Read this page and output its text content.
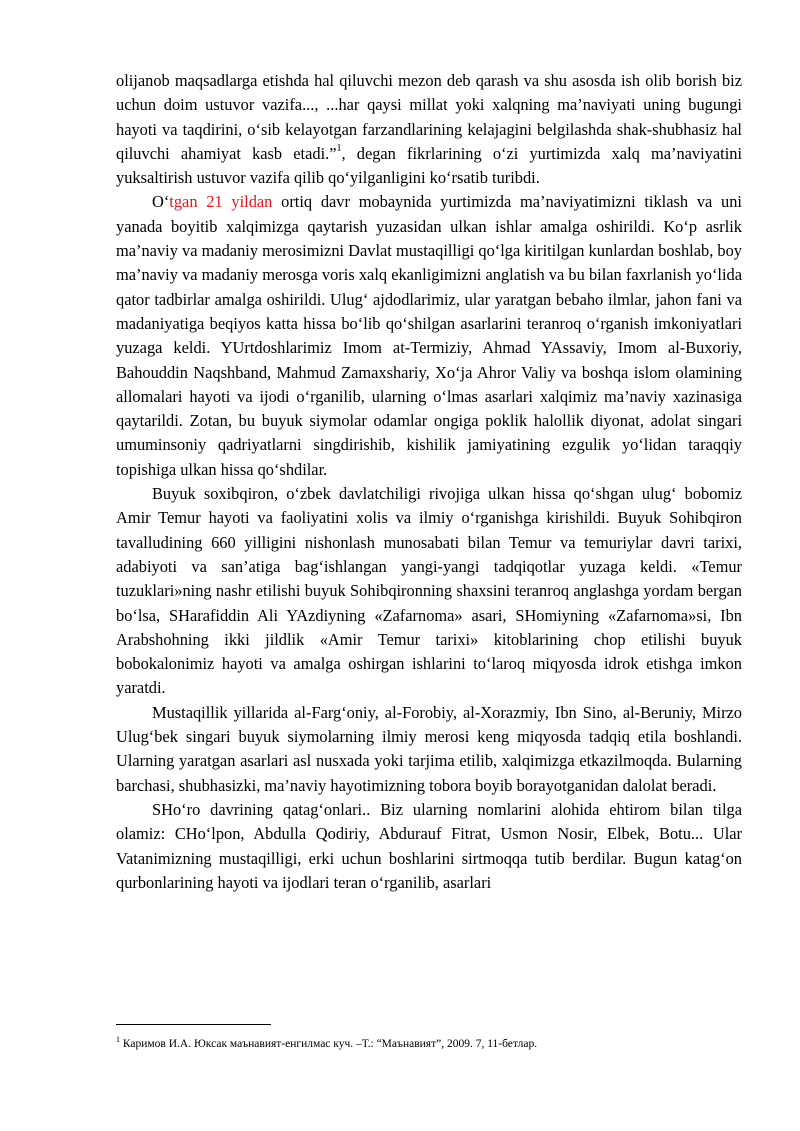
olijanob maqsadlarga etishda hal qiluvchi mezon deb qarash va shu asosda ish olib borish biz uchun doim ustuvor vazifa..., ...har qaysi millat yoki xalqning ma’naviyati uning bugungi hayoti va taqdirini, o‘sib kelayotgan farzandlarining kelajagini belgilashda shak-shubhasiz hal qiluvchi ahamiyat kasb etadi.”$^1$, degan fikrlarining o‘zi yurtimizda xalq ma’naviyatini yuksaltirish ustuvor vazifa qilib qo‘yilganligini ko‘rsatib turibdi.

O‘tgan 21 yildan ortiq davr mobaynida yurtimizda ma’naviyatimizni tiklash va uni yanada boyitib xalqimizga qaytarish yuzasidan ulkan ishlar amalga oshirildi. Ko‘p asrlik ma’naviy va madaniy merosimizni Davlat mustaqilligi qo‘lga kiritilgan kunlardan boshlab, boy ma’naviy va madaniy merosga voris xalq ekanligimizni anglatish va bu bilan faxrlanish yo‘lida qator tadbirlar amalga oshirildi. Ulug‘ ajdodlarimiz, ular yaratgan bebaho ilmlar, jahon fani va madaniyatiga beqiyos katta hissa bo‘lib qo‘shilgan asarlarini teranroq o‘rganish imkoniyatlari yuzaga keldi. YUrtdoshlarimiz Imom at-Termiziy, Ahmad YAssaviy, Imom al-Buxoriy, Bahouddin Naqshband, Mahmud Zamaxshariy, Xo‘ja Ahror Valiy va boshqa islom olamining allomalari hayoti va ijodi o‘rganilib, ularning o‘lmas asarlari xalqimiz ma’naviy xazinasiga qaytarildi. Zotan, bu buyuk siymolar odamlar ongiga poklik halollik diyonat, adolat singari umuminsoniy qadriyatlarni singdirishib, kishilik jamiyatining ezgulik yo‘lidan taraqqiy topishiga ulkan hissa qo‘shdilar.

Buyuk soxibqiron, o‘zbek davlatchiligi rivojiga ulkan hissa qo‘shgan ulug‘ bobomiz Amir Temur hayoti va faoliyatini xolis va ilmiy o‘rganishga kirishildi. Buyuk Sohibqiron tavalludining 660 yilligini nishonlash munosabati bilan Temur va temuriylar davri tarixi, adabiyoti va san’atiga bag‘ishlangan yangi-yangi tadqiqotlar yuzaga keldi. «Temur tuzuklari»ning nashr etilishi buyuk Sohibqironning shaxsini teranroq anglashga yordam bergan bo‘lsa, SHarafiddin Ali YAzdiyning «Zafarnoma» asari, SHomiyning «Zafarnoma»si, Ibn Arabshohning ikki jildlik «Amir Temur tarixi» kitoblarining chop etilishi buyuk bobokalonimiz hayoti va amalga oshirgan ishlarini to‘laroq miqyosda idrok etishga imkon yaratdi.

Mustaqillik yillarida al-Farg‘oniy, al-Forobiy, al-Xorazmiy, Ibn Sino, al-Beruniy, Mirzo Ulug‘bek singari buyuk siymolarning ilmiy merosi keng miqyosda tadqiq etila boshlandi. Ularning yaratgan asarlari asl nusxada yoki tarjima etilib, xalqimizga etkazilmoqda. Bularning barchasi, shubhasizki, ma’naviy hayotimizning tobora boyib borayotganidan dalolat beradi.

SHo‘ro davrining qatag‘onlari.. Biz ularning nomlarini alohida ehtirom bilan tilga olamiz: CHo‘lpon, Abdulla Qodiriy, Abdurauf Fitrat, Usmon Nosir, Elbek, Botu... Ular Vatanimizning mustaqilligi, erki uchun boshlarini sirtmoqqa tutib berdilar. Bugun katag‘on qurbonlarining hayoti va ijodlari teran o‘rganilib, asarlari

$^1$ Каримов И.А. Юксак маънавият-енгилмас куч. –Т.: “Маънавият”, 2009. 7, 11-бетлар.
